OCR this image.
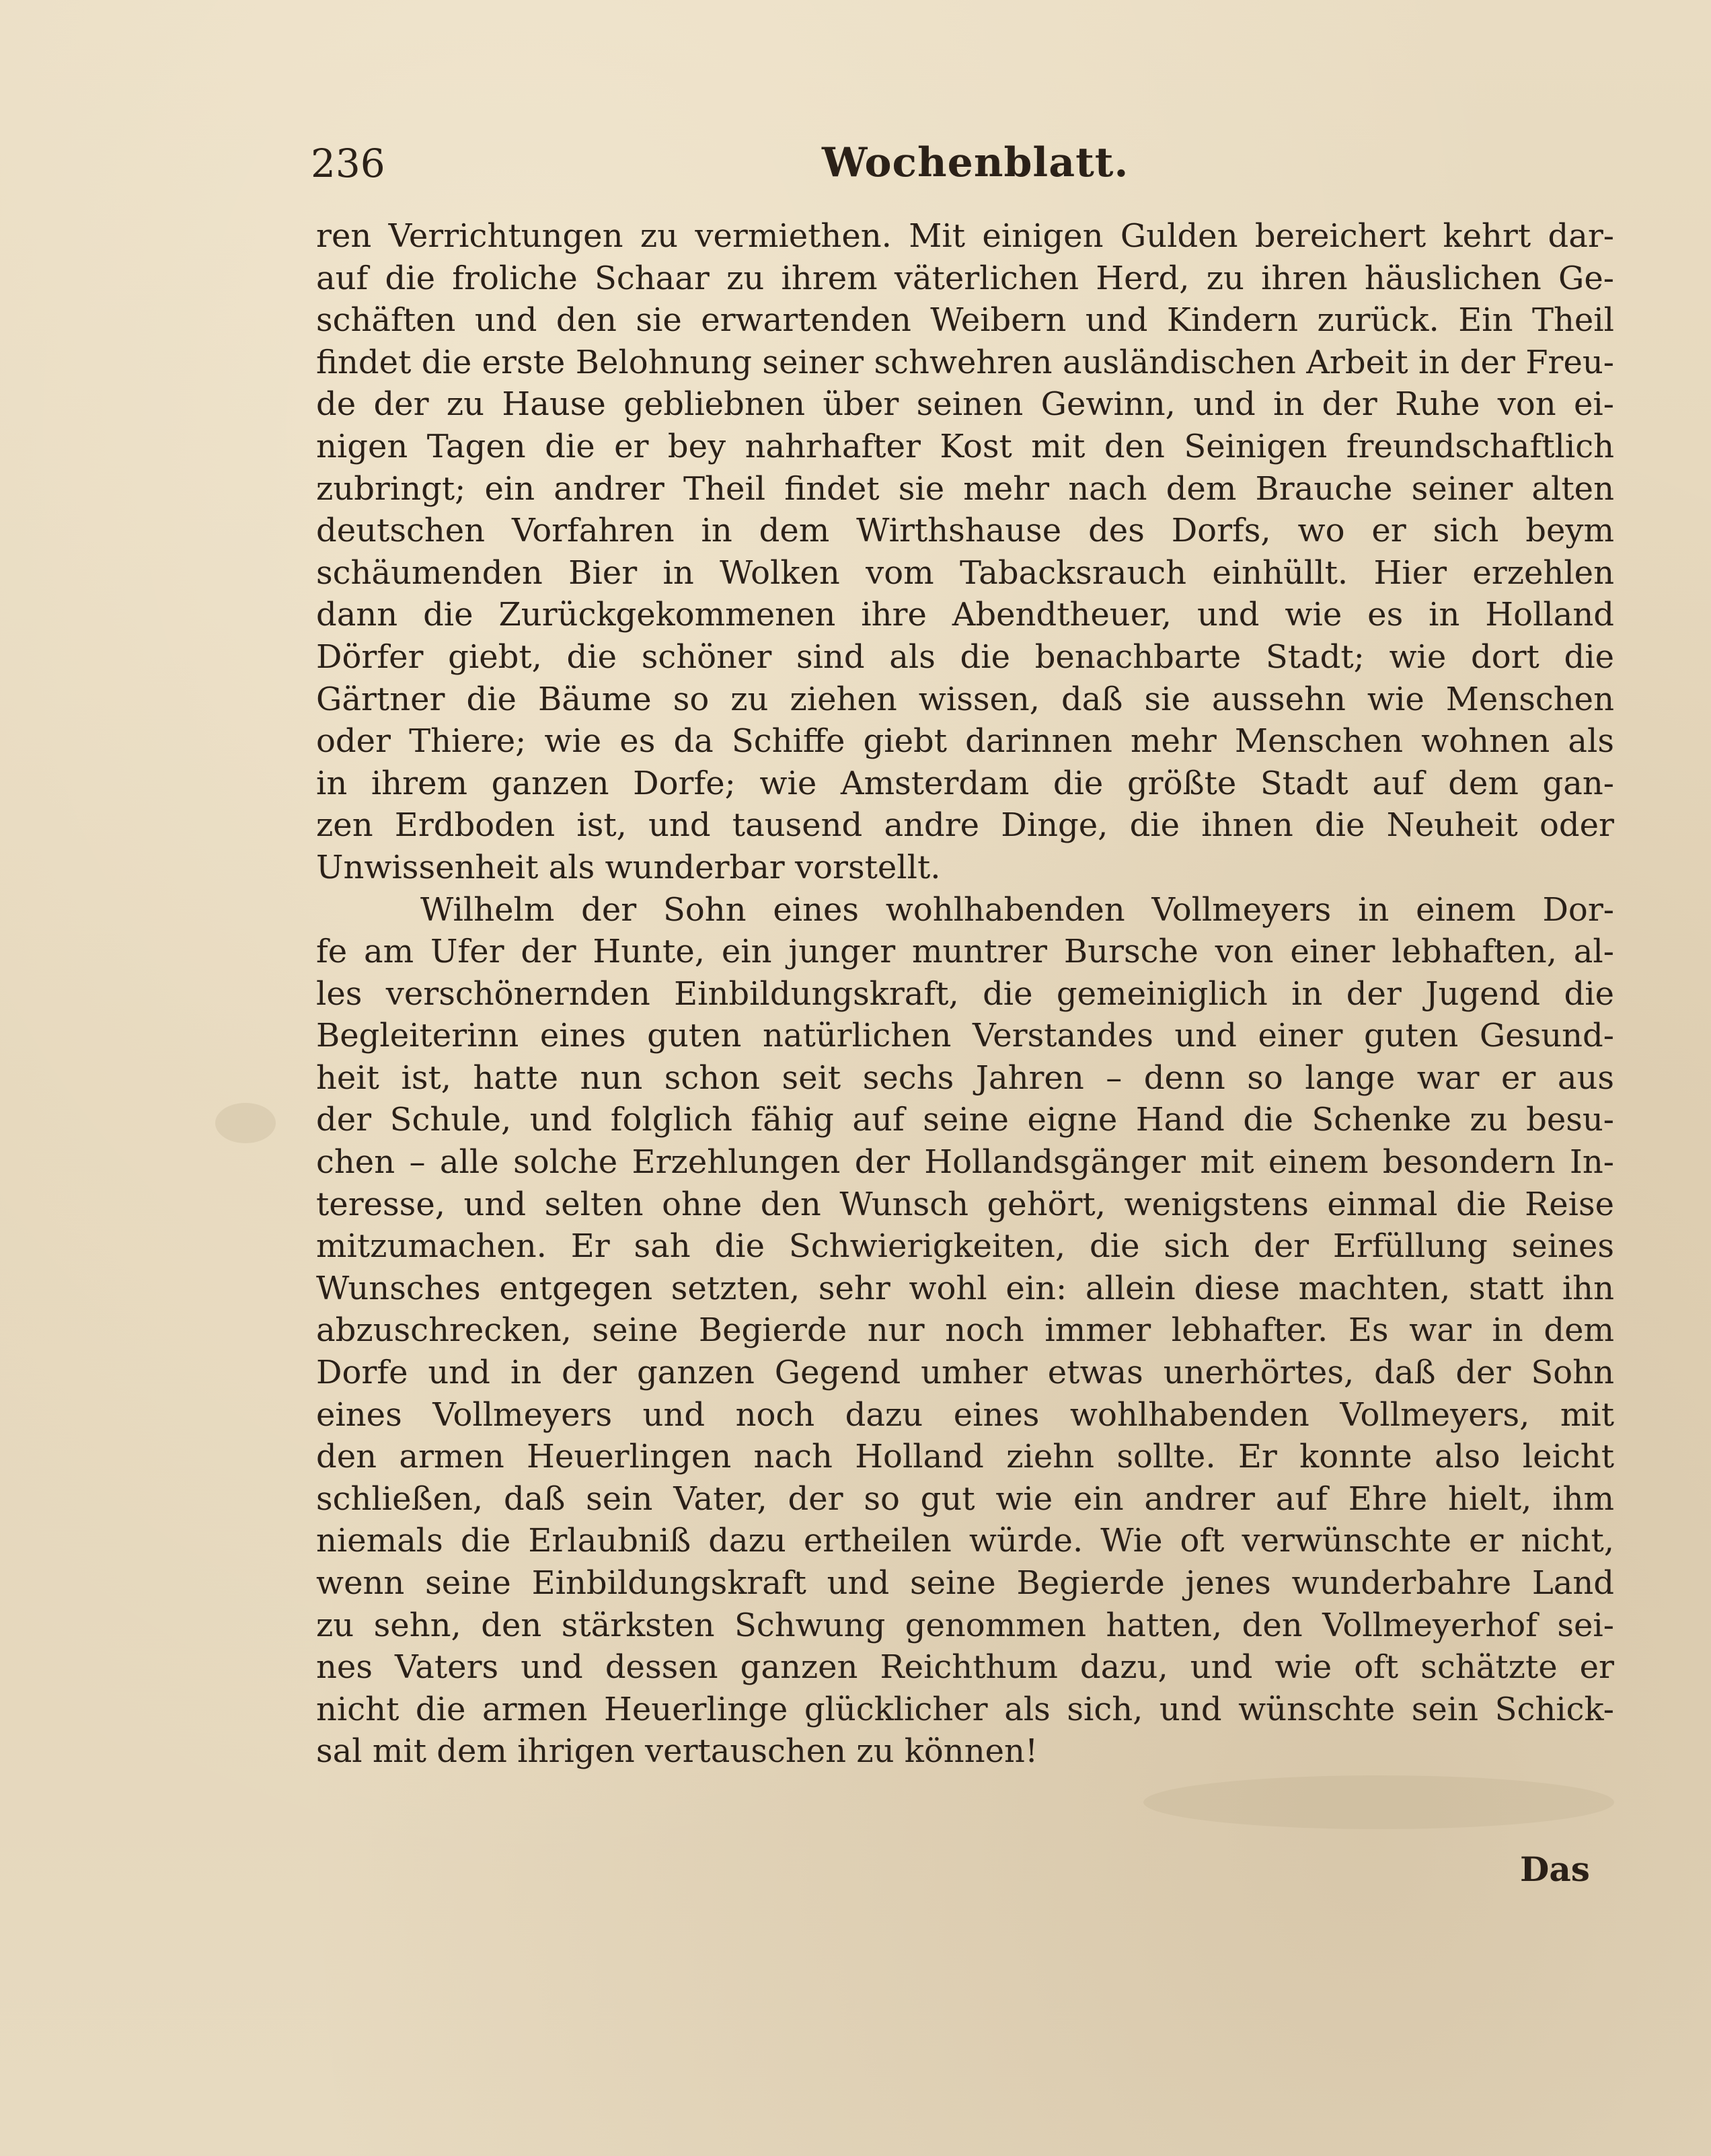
236	Wochenblatt.
ren Verrichtungen zu vermiethen. Mit einigen Gulden bereichert kehrt dar-
auf die froliche Schaar zu ihrem väterlichen Herd, zu ihren häuslichen Ge-
schäften und den sie erwartenden Weibern und Kindern zurück. Ein Theil
findet die erste Belohnung seiner schwehren ausländischen Arbeit in der Freu-
de der zu Hause gebliebnen über seinen Gewinn, und in der Ruhe von ei-
nigen Tagen die er bey nahrhafter Kost mit den Seinigen freundschaftlich
zubringt; ein andrer Theil findet sie mehr nach dem Brauche seiner alten
deutschen Vorfahren in dem Wirthshause des Dorfs, wo er sich beym
schäumenden Bier in Wolken vom Tabacksrauch einhüllt. Hier erzehlen
dann die Zurückgekommenen ihre Abendtheuer, und wie es in Holland
Dörfer giebt, die schöner sind als die benachbarte Stadt; wie dort die
Gärtner die Bäume so zu ziehen wissen, daß sie aussehn wie Menschen
oder Thiere; wie es da Schiffe giebt darinnen mehr Menschen wohnen als
in ihrem ganzen Dorfe; wie Amsterdam die größte Stadt auf dem gan-
zen Erdboden ist, und tausend andre Dinge, die ihnen die Neuheit oder
Unwissenheit als wunderbar vorstellt.
Wilhelm der Sohn eines wohlhabenden Vollmeyers in einem Dor-
fe am Ufer der Hunte, ein junger muntrer Bursche von einer lebhaften, al-
les verschönernden Einbildungskraft, die gemeiniglich in der Jugend die
Begleiterinn eines guten natürlichen Verstandes und einer guten Gesund-
heit ist, hatte nun schon seit sechs Jahren – denn so lange war er aus
der Schule, und folglich fähig auf seine eigne Hand die Schenke zu besu-
chen – alle solche Erzehlungen der Hollandsgänger mit einem besondern In-
teresse, und selten ohne den Wunsch gehört, wenigstens einmal die Reise
mitzumachen. Er sah die Schwierigkeiten, die sich der Erfüllung seines
Wunsches entgegen setzten, sehr wohl ein: allein diese machten, statt ihn
abzuschrecken, seine Begierde nur noch immer lebhafter. Es war in dem
Dorfe und in der ganzen Gegend umher etwas unerhörtes, daß der Sohn
eines Vollmeyers und noch dazu eines wohlhabenden Vollmeyers, mit
den armen Heuerlingen nach Holland ziehn sollte. Er konnte also leicht
schließen, daß sein Vater, der so gut wie ein andrer auf Ehre hielt, ihm
niemals die Erlaubniß dazu ertheilen würde. Wie oft verwünschte er nicht,
wenn seine Einbildungskraft und seine Begierde jenes wunderbahre Land
zu sehn, den stärksten Schwung genommen hatten, den Vollmeyerhof sei-
nes Vaters und dessen ganzen Reichthum dazu, und wie oft schätzte er
nicht die armen Heuerlinge glücklicher als sich, und wünschte sein Schick-
sal mit dem ihrigen vertauschen zu können!
Das
